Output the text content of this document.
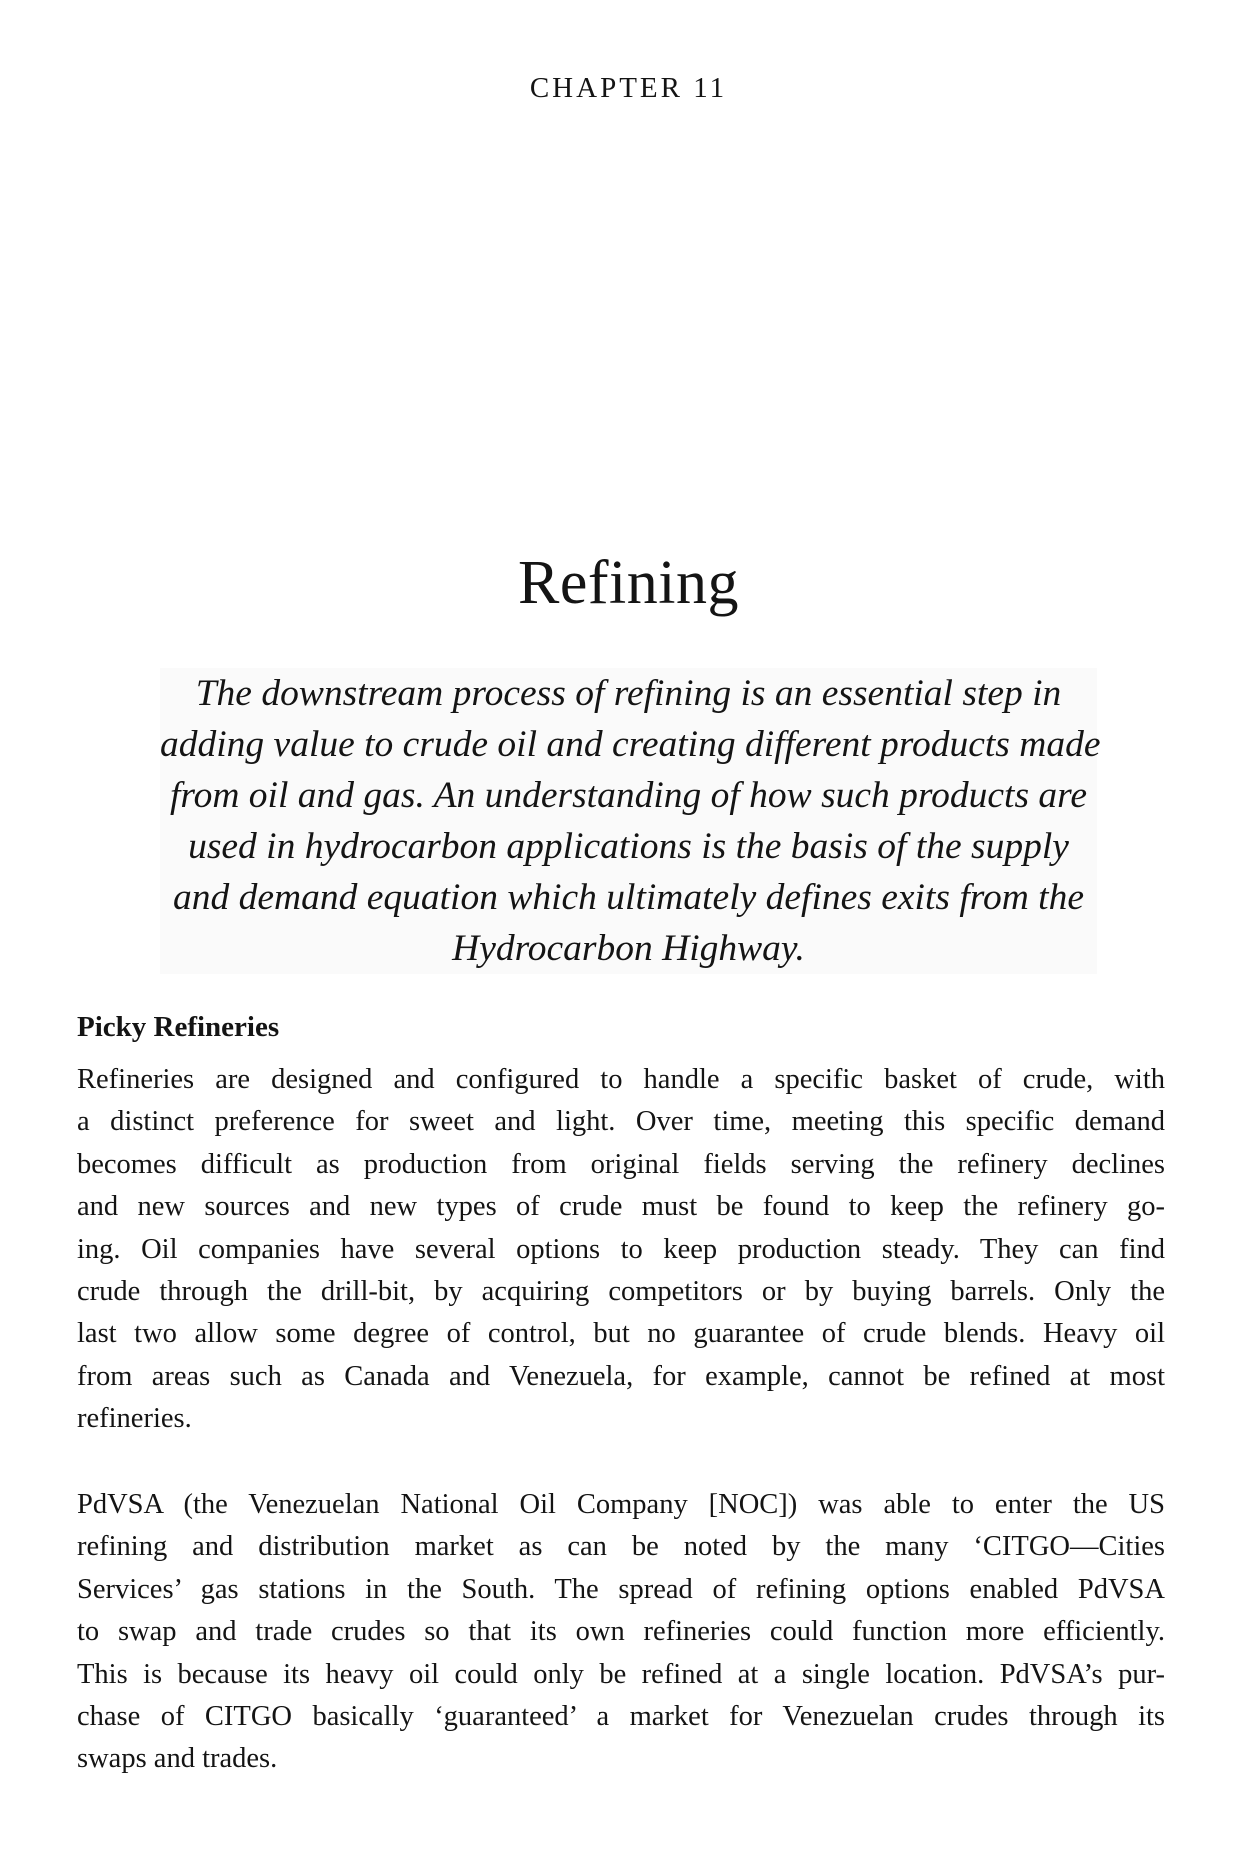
CHAPTER 11
Refining
The downstream process of refining is an essential step in
adding value to crude oil and creating different products made
from oil and gas. An understanding of how such products are
used in hydrocarbon applications is the basis of the supply
and demand equation which ultimately defines exits from the
Hydrocarbon Highway.
Picky Refineries
Refineries are designed and configured to handle a specific basket of crude, with
a distinct preference for sweet and light. Over time, meeting this specific demand
becomes difficult as production from original fields serving the refinery declines
and new sources and new types of crude must be found to keep the refinery go-
ing. Oil companies have several options to keep production steady. They can find
crude through the drill-bit, by acquiring competitors or by buying barrels. Only the
last two allow some degree of control, but no guarantee of crude blends. Heavy oil
from areas such as Canada and Venezuela, for example, cannot be refined at most
refineries.
PdVSA (the Venezuelan National Oil Company [NOC]) was able to enter the US
refining and distribution market as can be noted by the many ‘CITGO—Cities
Services’ gas stations in the South. The spread of refining options enabled PdVSA
to swap and trade crudes so that its own refineries could function more efficiently.
This is because its heavy oil could only be refined at a single location. PdVSA’s pur-
chase of CITGO basically ‘guaranteed’ a market for Venezuelan crudes through its
swaps and trades.
